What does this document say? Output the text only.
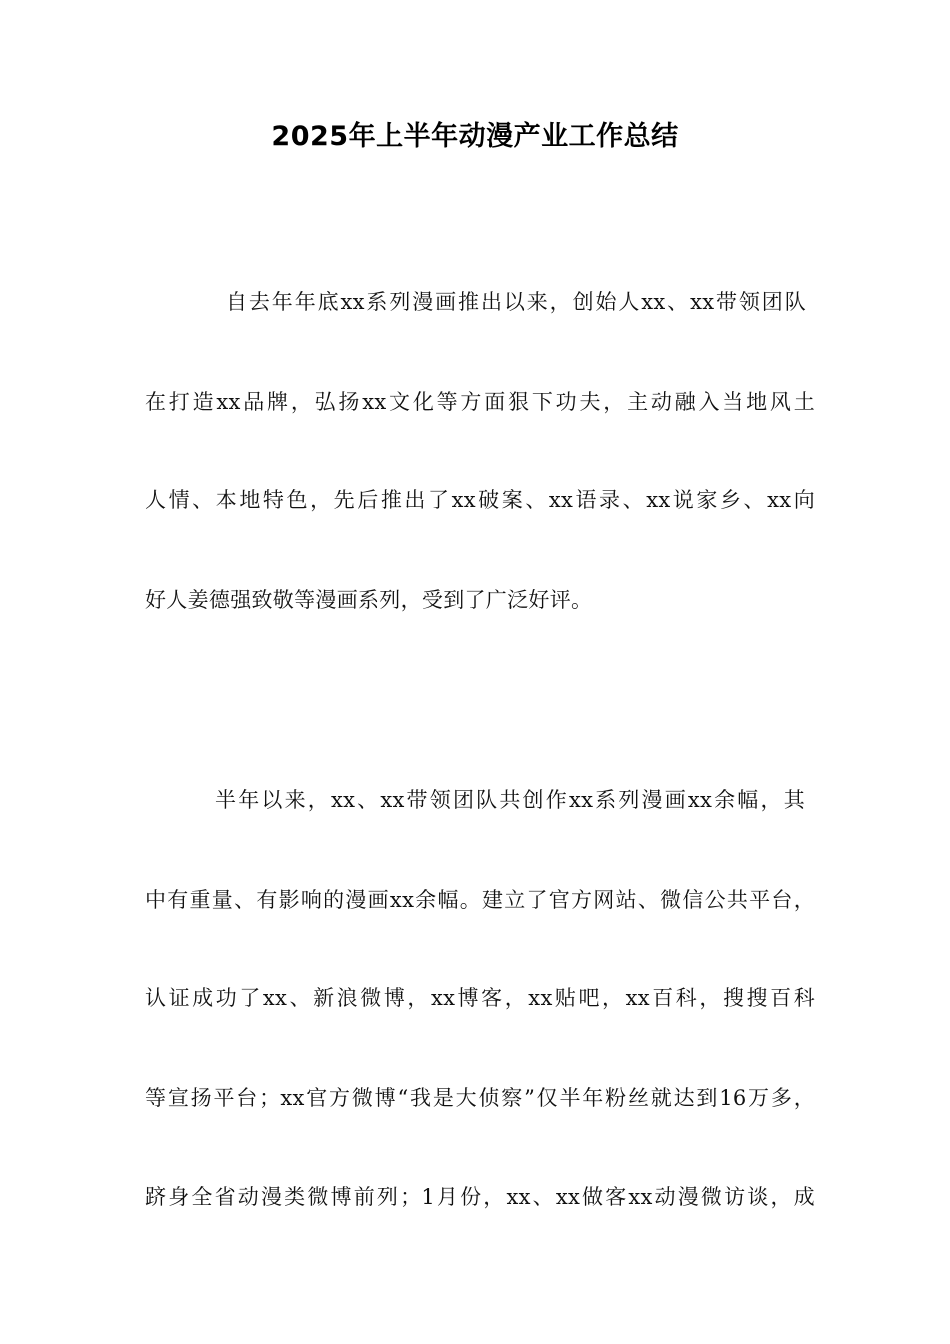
2025年上半年动漫产业工作总结
自去年年底xx系列漫画推出以来，创始人xx、xx带领团队
在打造xx品牌，弘扬xx文化等方面狠下功夫，主动融入当地风土
人情、本地特色，先后推出了xx破案、xx语录、xx说家乡、xx向
好人姜德强致敬等漫画系列，受到了广泛好评。
半年以来，xx、xx带领团队共创作xx系列漫画xx余幅，其
中有重量、有影响的漫画xx余幅。建立了官方网站、微信公共平台，
认证成功了xx、新浪微博，xx博客，xx贴吧，xx百科，搜搜百科
等宣扬平台；xx官方微博“我是大侦察”仅半年粉丝就达到16万多，
跻身全省动漫类微博前列；1月份，xx、xx做客xx动漫微访谈，成
